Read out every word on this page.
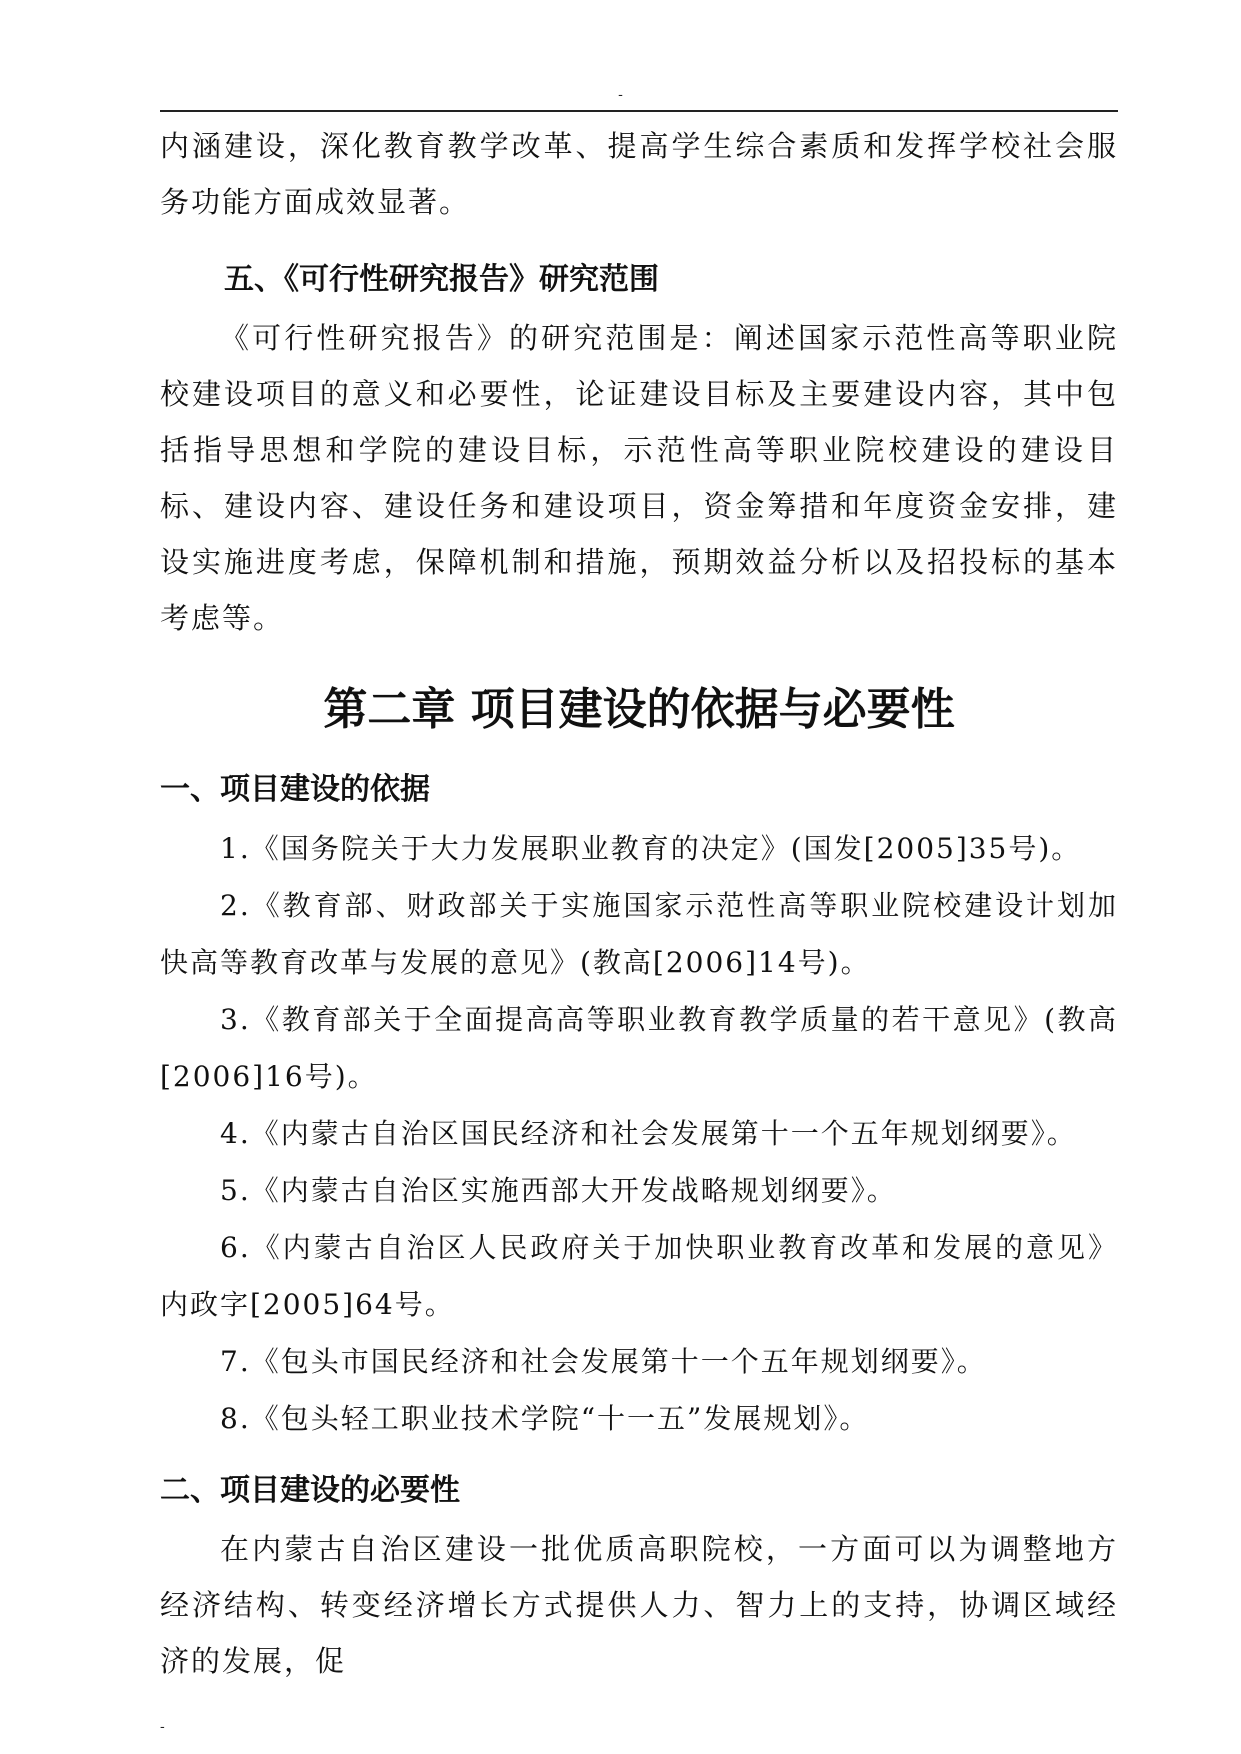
-

内涵建设，深化教育教学改革、提高学生综合素质和发挥学校社会服务功能方面成效显著。

五、《可行性研究报告》研究范围

《可行性研究报告》的研究范围是：阐述国家示范性高等职业院校建设项目的意义和必要性，论证建设目标及主要建设内容，其中包括指导思想和学院的建设目标，示范性高等职业院校建设的建设目标、建设内容、建设任务和建设项目，资金筹措和年度资金安排，建设实施进度考虑，保障机制和措施，预期效益分析以及招投标的基本考虑等。

第二章 项目建设的依据与必要性
一、项目建设的依据
1.《国务院关于大力发展职业教育的决定》(国发[2005]35号)。
2.《教育部、财政部关于实施国家示范性高等职业院校建设计划加快高等教育改革与发展的意见》(教高[2006]14号)。
3.《教育部关于全面提高高等职业教育教学质量的若干意见》(教高[2006]16号)。
4.《内蒙古自治区国民经济和社会发展第十一个五年规划纲要》。
5.《内蒙古自治区实施西部大开发战略规划纲要》。
6.《内蒙古自治区人民政府关于加快职业教育改革和发展的意见》内政字[2005]64号。
7.《包头市国民经济和社会发展第十一个五年规划纲要》。
8.《包头轻工职业技术学院“十一五”发展规划》。
二、项目建设的必要性

在内蒙古自治区建设一批优质高职院校，一方面可以为调整地方经济结构、转变经济增长方式提供人力、智力上的支持，协调区域经济的发展，促

-
